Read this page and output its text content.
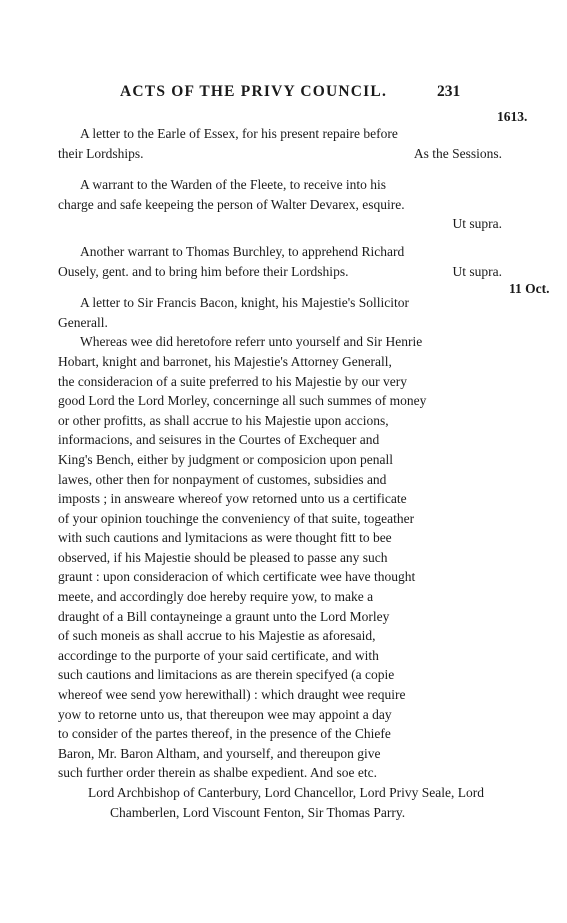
ACTS OF THE PRIVY COUNCIL.	231
1613.
11 Oct.
A letter to the Earle of Essex, for his present repaire before
their Lordships.	As the Sessions.
A warrant to the Warden of the Fleete, to receive into his
charge and safe keepeing the person of Walter Devarex, esquire.
Ut supra.
Another warrant to Thomas Burchley, to apprehend Richard
Ousely, gent. and to bring him before their Lordships.	Ut supra.
A letter to Sir Francis Bacon, knight, his Majestie's Sollicitor
Generall.
Whereas wee did heretofore referr unto yourself and Sir Henrie
Hobart, knight and barronet, his Majestie's Attorney Generall,
the consideracion of a suite preferred to his Majestie by our very
good Lord the Lord Morley, concerninge all such summes of money
or other profitts, as shall accrue to his Majestie upon accions,
informacions, and seisures in the Courtes of Exchequer and
King's Bench, either by judgment or composicion upon penall
lawes, other then for nonpayment of customes, subsidies and
imposts ; in answeare whereof yow retorned unto us a certificate
of your opinion touchinge the conveniency of that suite, togeather
with such cautions and lymitacions as were thought fitt to bee
observed, if his Majestie should be pleased to passe any such
graunt : upon consideracion of which certificate wee have thought
meete, and accordingly doe hereby require yow, to make a
draught of a Bill contayneinge a graunt unto the Lord Morley
of such moneis as shall accrue to his Majestie as aforesaid,
accordinge to the purporte of your said certificate, and with
such cautions and limitacions as are therein specifyed (a copie
whereof wee send yow herewithall) : which draught wee require
yow to retorne unto us, that thereupon wee may appoint a day
to consider of the partes thereof, in the presence of the Chiefe
Baron, Mr. Baron Altham, and yourself, and thereupon give
such further order therein as shalbe expedient. And soe etc.
Lord Archbishop of Canterbury, Lord Chancellor, Lord Privy Seale, Lord Chamberlen, Lord Viscount Fenton, Sir Thomas Parry.
